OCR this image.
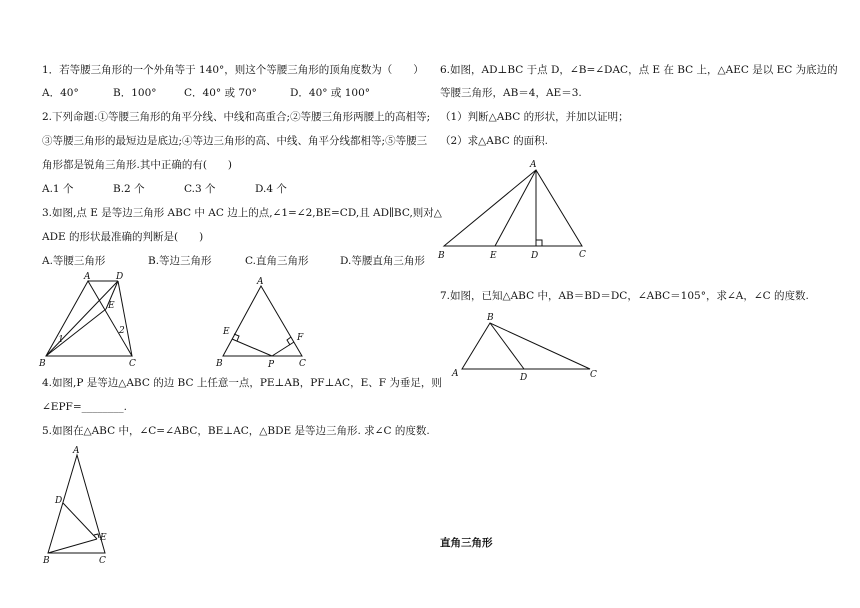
1．若等腰三角形的一个外角等于 140°，则这个等腰三角形的顶角度数为（　　）
A．40°	B．100°	C．40° 或 70°	D．40° 或 100°
2.下列命题:①等腰三角形的角平分线、中线和高重合;②等腰三角形两腰上的高相等;
③等腰三角形的最短边是底边;④等边三角形的高、中线、角平分线都相等;⑤等腰三
角形都是锐角三角形.其中正确的有(　　)
A.1 个	B.2 个	C.3 个	D.4 个
3.如图,点 E 是等边三角形 ABC 中 AC 边上的点,∠1=∠2,BE=CD,且 AD∥BC,则对△
ADE 的形状最准确的判断是(　　)
A.等腰三角形	B.等边三角形	C.直角三角形	D.等腰直角三角形
A	D
E
B	C
1
2
A
E
F
B	P	C
4.如图,P 是等边△ABC 的边 BC 上任意一点，PE⊥AB，PF⊥AC，E、F 为垂足，则
∠EPF=________.
5.如图在△ABC 中，∠C=∠ABC，BE⊥AC，△BDE 是等边三角形. 求∠C 的度数.
A
D
E
B	C
6.如图，AD⊥BC 于点 D，∠B=∠DAC，点 E 在 BC 上，△AEC 是以 EC 为底边的
等腰三角形，AB＝4，AE＝3.
（1）判断△ABC 的形状，并加以证明；
（2）求△ABC 的面积.
A
B	E	D	C
7.如图，已知△ABC 中，AB＝BD＝DC，∠ABC＝105°，求∠A，∠C 的度数.
B
A	D	C
直角三角形
